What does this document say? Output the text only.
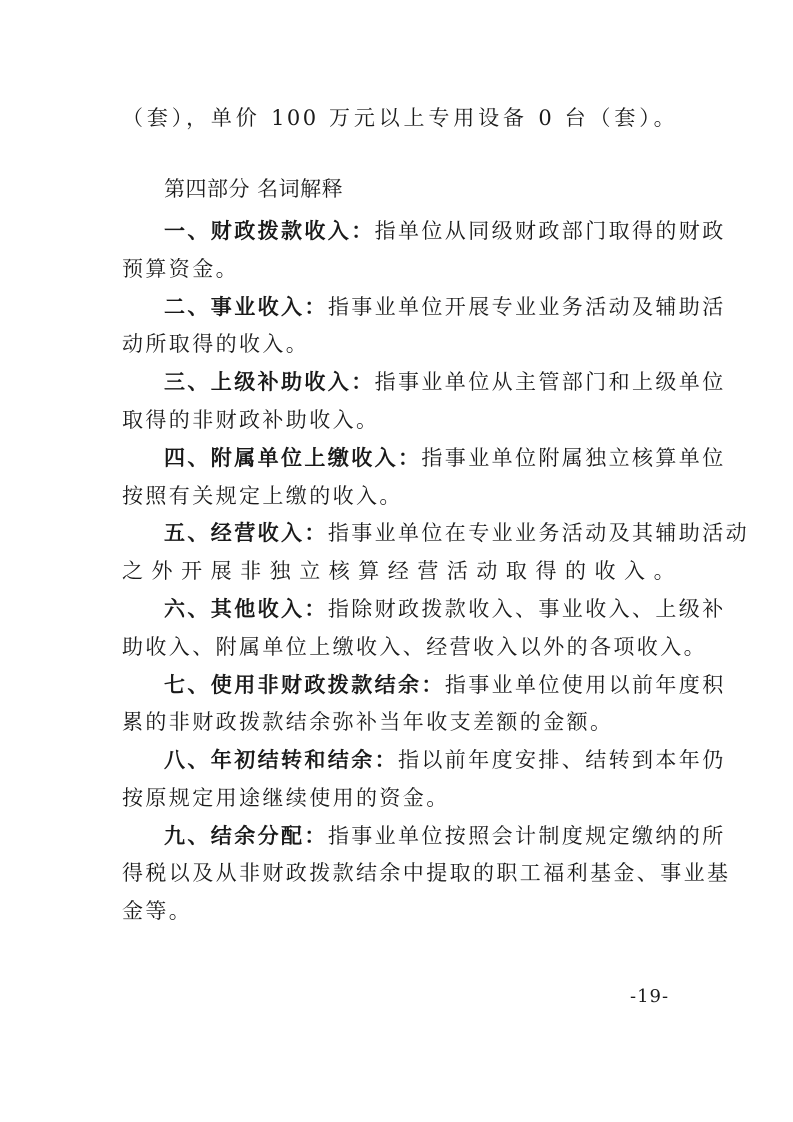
（套），单价 100 万元以上专用设备 0 台（套）。
第四部分 名词解释
一、财政拨款收入：指单位从同级财政部门取得的财政
预算资金。
二、事业收入：指事业单位开展专业业务活动及辅助活
动所取得的收入。
三、上级补助收入：指事业单位从主管部门和上级单位
取得的非财政补助收入。
四、附属单位上缴收入：指事业单位附属独立核算单位
按照有关规定上缴的收入。
五、经营收入：指事业单位在专业业务活动及其辅助活动
之外开展非独立核算经营活动取得的收入。
六、其他收入：指除财政拨款收入、事业收入、上级补
助收入、附属单位上缴收入、经营收入以外的各项收入。
七、使用非财政拨款结余：指事业单位使用以前年度积
累的非财政拨款结余弥补当年收支差额的金额。
八、年初结转和结余：指以前年度安排、结转到本年仍
按原规定用途继续使用的资金。
九、结余分配：指事业单位按照会计制度规定缴纳的所
得税以及从非财政拨款结余中提取的职工福利基金、事业基
金等。
-19-
